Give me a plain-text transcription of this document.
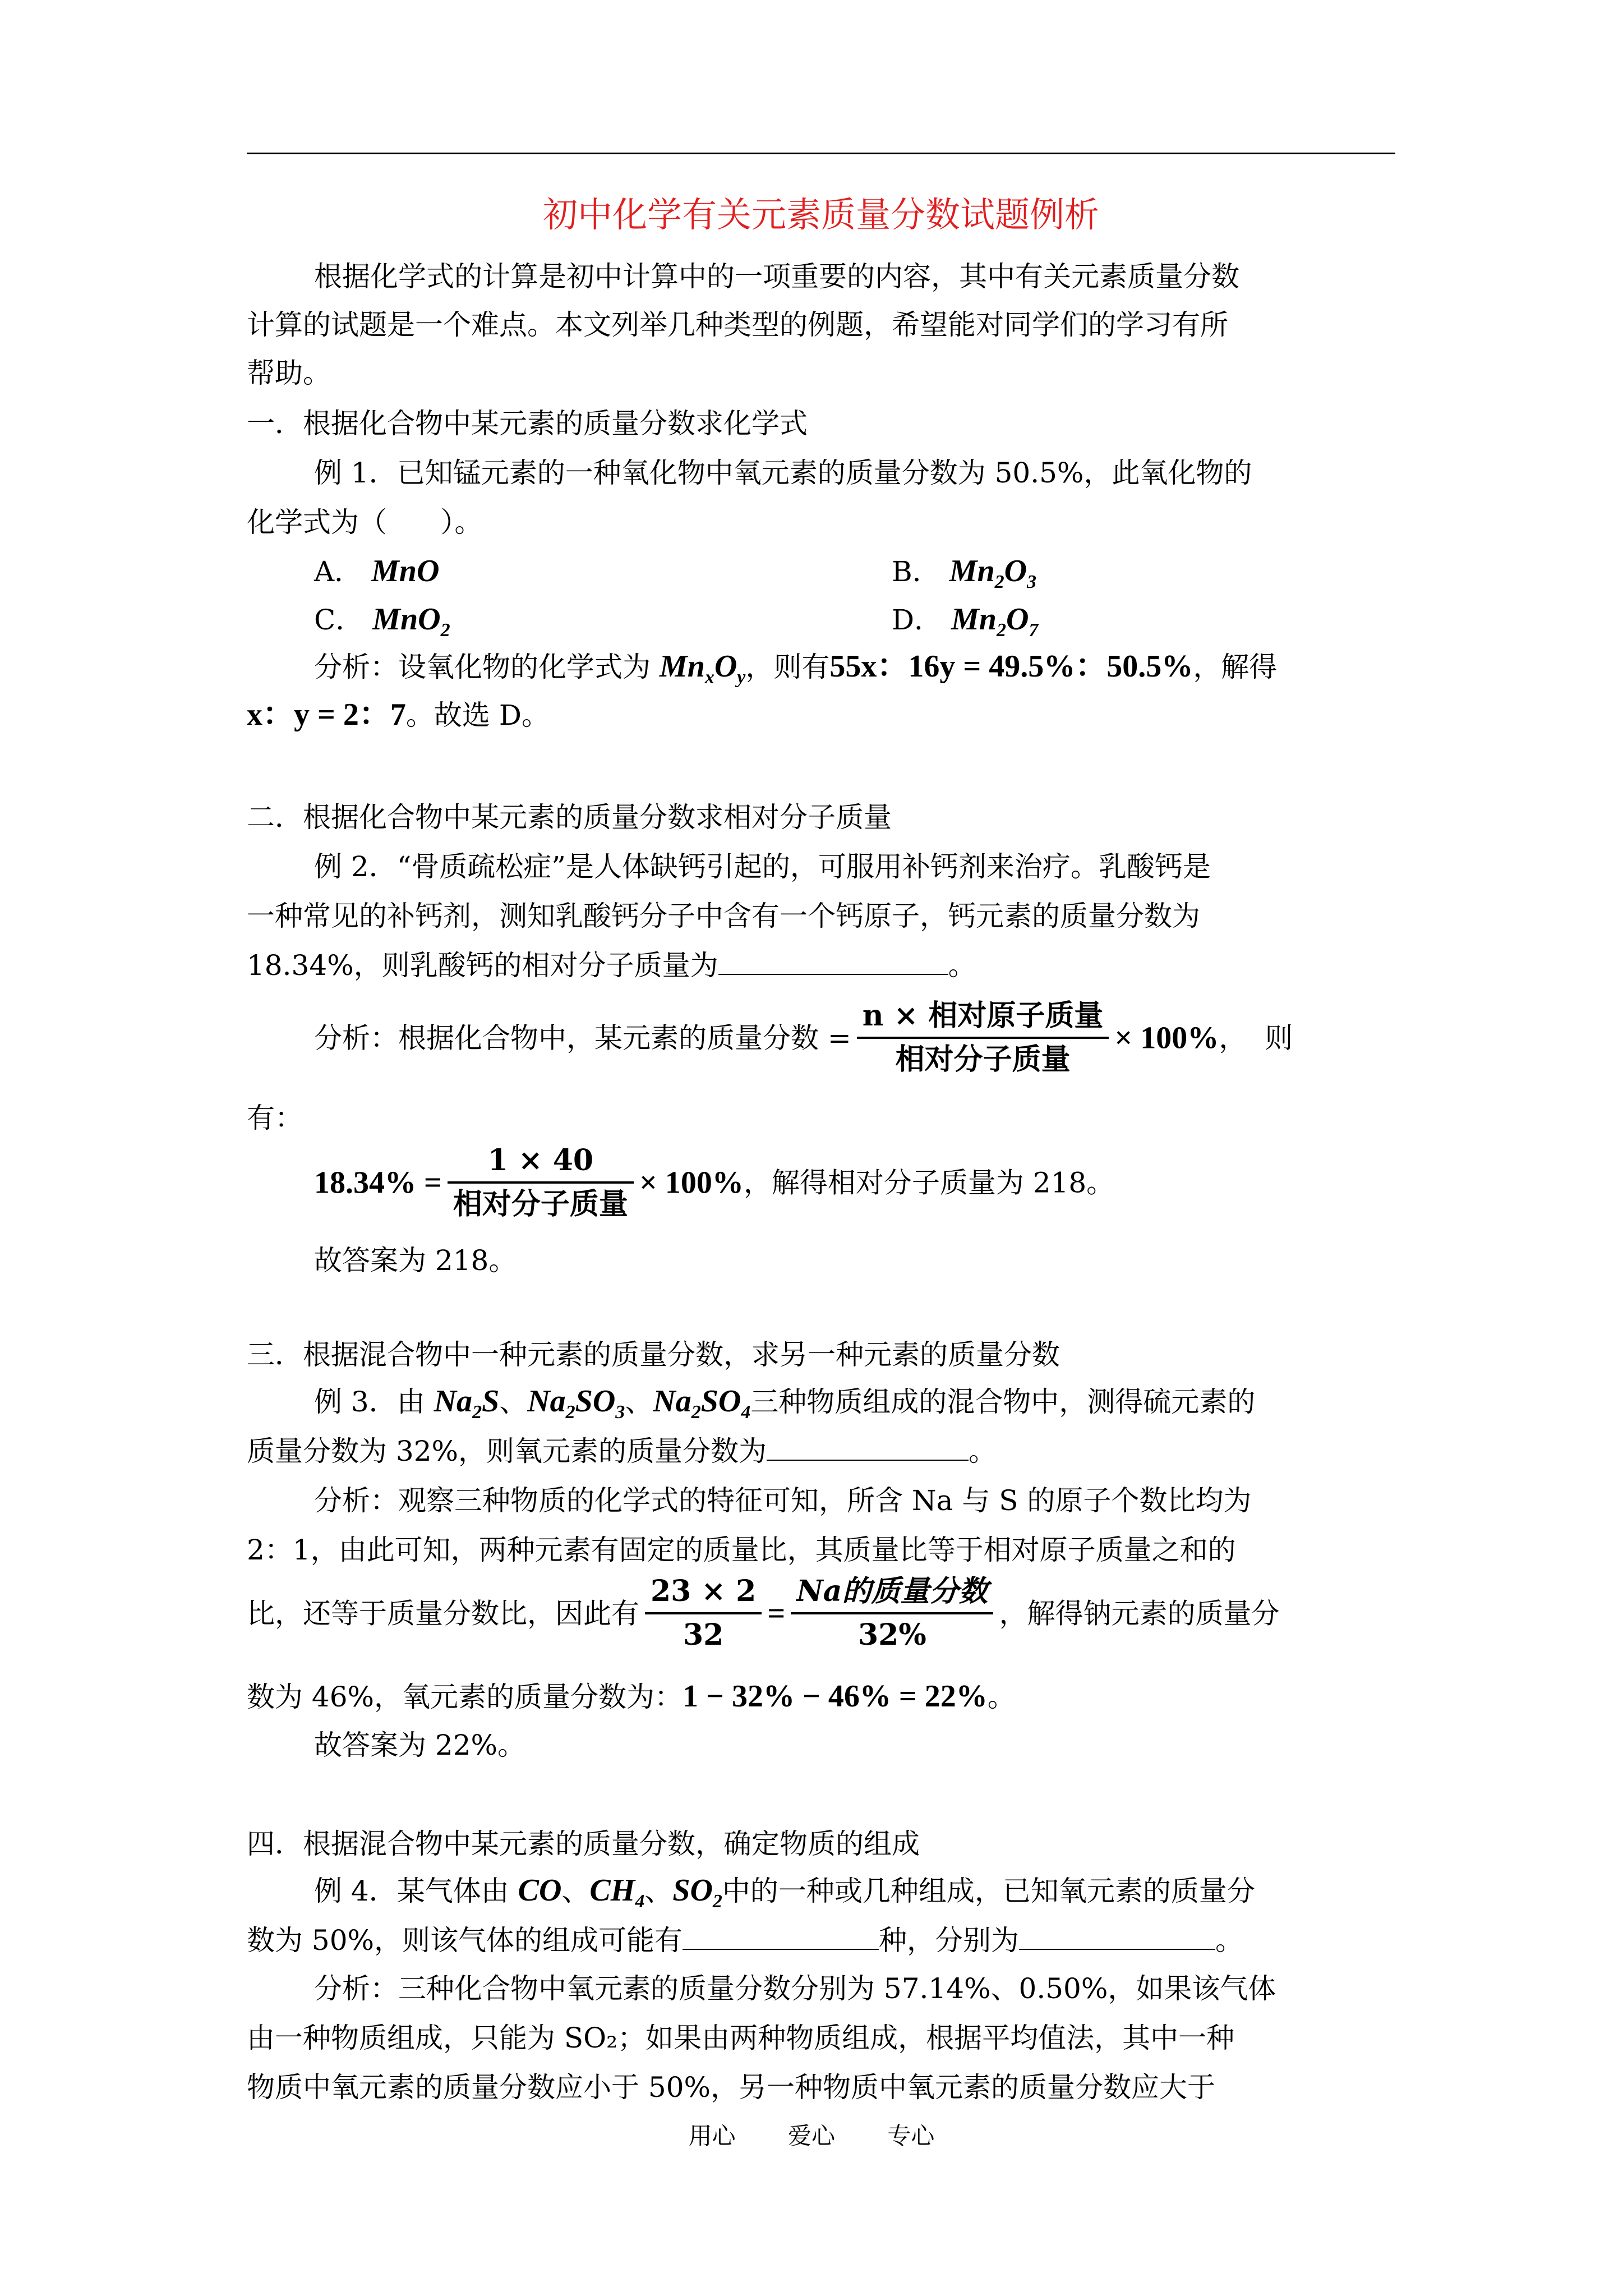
初中化学有关元素质量分数试题例析
根据化学式的计算是初中计算中的一项重要的内容，其中有关元素质量分数
计算的试题是一个难点。本文列举几种类型的例题，希望能对同学们的学习有所
帮助。
一．根据化合物中某元素的质量分数求化学式
例 1．已知锰元素的一种氧化物中氧元素的质量分数为 50.5%，此氧化物的
化学式为（      ）。
A． MnO	B． $Mn_2O_3$
C． MnO$_2$	D． $Mn_2O_7$
分析：设氧化物的化学式为 $Mn_xO_y$，则有55x：16y = 49.5%：50.5%，解得
x：y = 2：7。故选 D。
二．根据化合物中某元素的质量分数求相对分子质量
例 2．“骨质疏松症”是人体缺钙引起的，可服用补钙剂来治疗。乳酸钙是
一种常见的补钙剂，测知乳酸钙分子中含有一个钙原子，钙元素的质量分数为
18.34%，则乳酸钙的相对分子质量为	。
分析：根据化合物中，某元素的质量分数 = $\frac{\text{n × 相对原子质量}}{\text{相对分子质量}} \times 100\%$，  则
有：
$18.34\% = \frac{1 \times 40}{\text{相对分子质量}} \times 100\%$，解得相对分子质量为 218。
故答案为 218。
三．根据混合物中一种元素的质量分数，求另一种元素的质量分数
例 3．由 $Na_2S$、$Na_2SO_3$、$Na_2SO_4$三种物质组成的混合物中，测得硫元素的
质量分数为 32%，则氧元素的质量分数为	。
分析：观察三种物质的化学式的特征可知，所含 Na 与 S 的原子个数比均为
2：1，由此可知，两种元素有固定的质量比，其质量比等于相对原子质量之和的
比，还等于质量分数比，因此有 $\frac{23 \times 2}{32} = \frac{\text{Na的质量分数}}{32\%}$ ，解得钠元素的质量分
数为 46%，氧元素的质量分数为：1 − 32% − 46% = 22%。
故答案为 22%。
四．根据混合物中某元素的质量分数，确定物质的组成
例 4．某气体由 CO、$CH_4$、$SO_2$中的一种或几种组成，已知氧元素的质量分
数为 50%，则该气体的组成可能有	种，分别为	。
分析：三种化合物中氧元素的质量分数分别为 57.14%、0.50%，如果该气体
由一种物质组成，只能为 SO₂；如果由两种物质组成，根据平均值法，其中一种
物质中氧元素的质量分数应小于 50%，另一种物质中氧元素的质量分数应大于
用心 爱心 专心
